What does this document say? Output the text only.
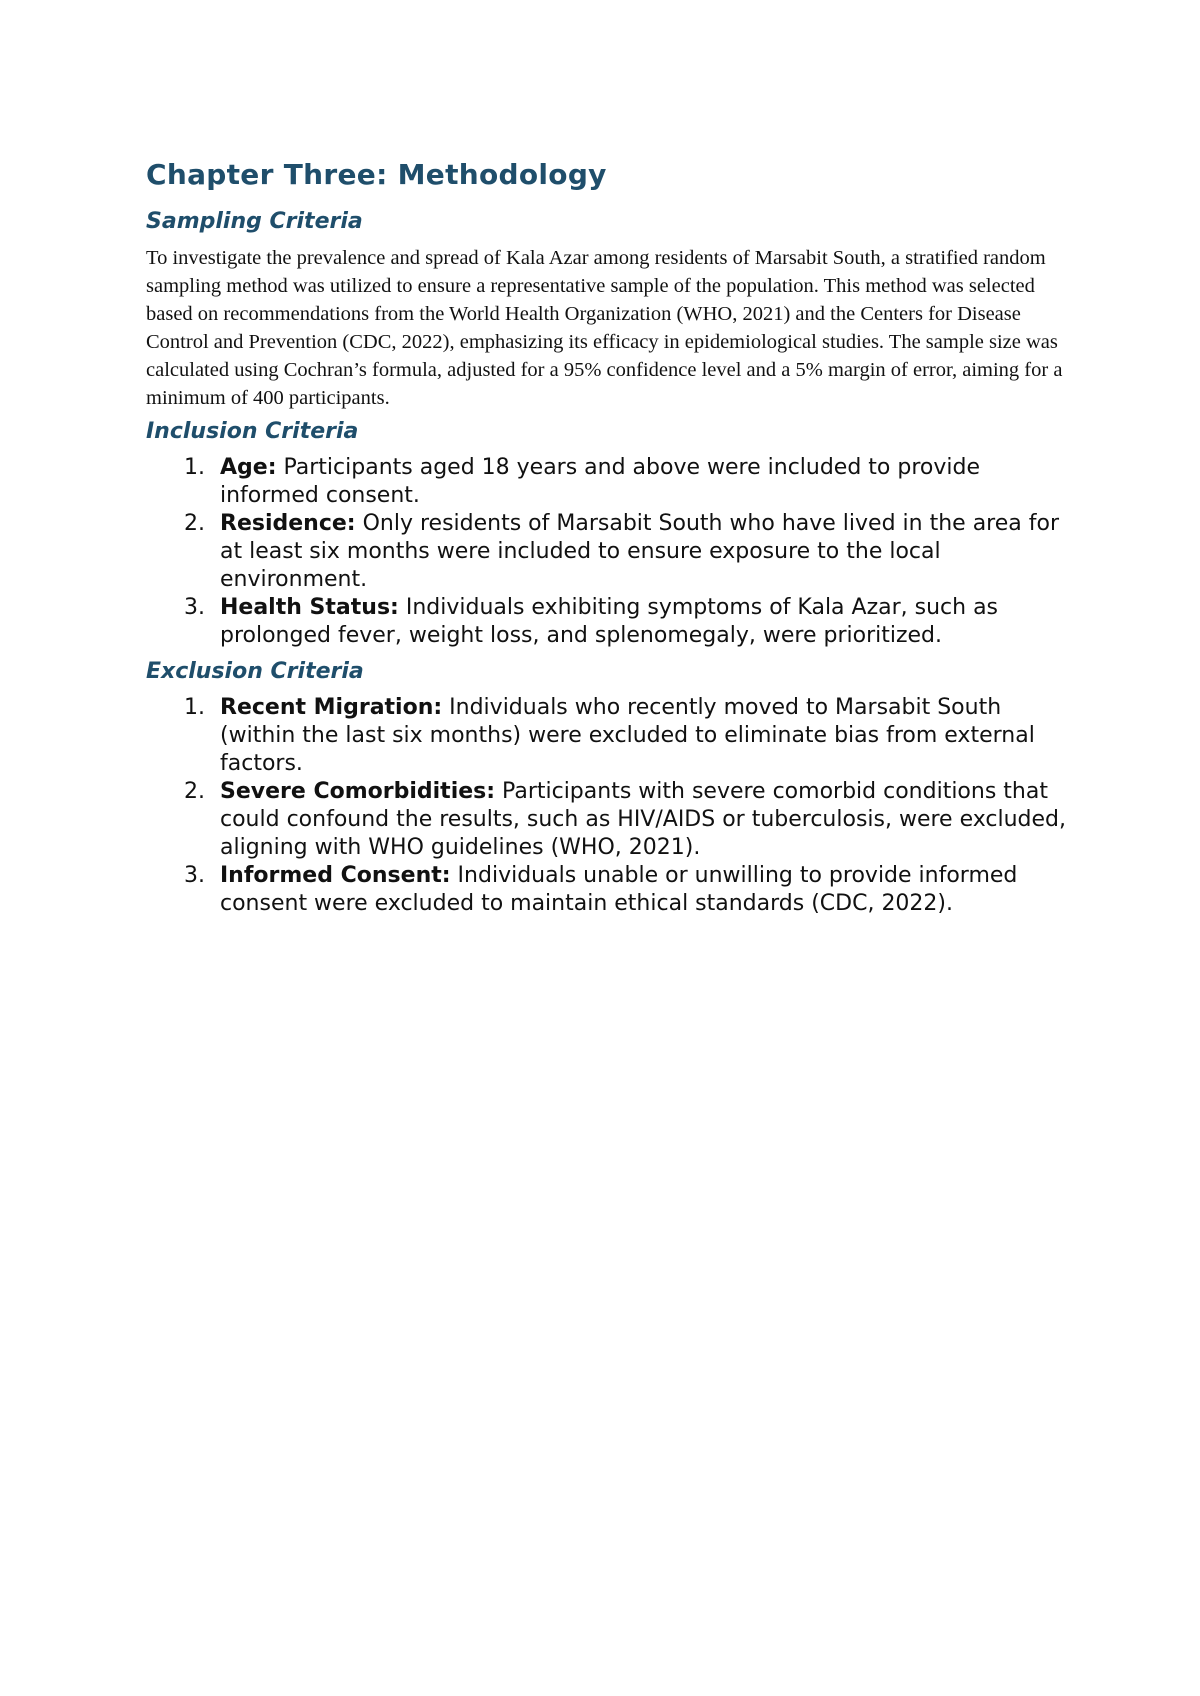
Chapter Three: Methodology
Sampling Criteria

To investigate the prevalence and spread of Kala Azar among residents of Marsabit South, a stratified random sampling method was utilized to ensure a representative sample of the population. This method was selected based on recommendations from the World Health Organization (WHO, 2021) and the Centers for Disease Control and Prevention (CDC, 2022), emphasizing its efficacy in epidemiological studies. The sample size was calculated using Cochran’s formula, adjusted for a 95% confidence level and a 5% margin of error, aiming for a minimum of 400 participants.

Inclusion Criteria
1. Age: Participants aged 18 years and above were included to provide informed consent.
2. Residence: Only residents of Marsabit South who have lived in the area for at least six months were included to ensure exposure to the local environment.
3. Health Status: Individuals exhibiting symptoms of Kala Azar, such as prolonged fever, weight loss, and splenomegaly, were prioritized.
Exclusion Criteria
1. Recent Migration: Individuals who recently moved to Marsabit South (within the last six months) were excluded to eliminate bias from external factors.
2. Severe Comorbidities: Participants with severe comorbid conditions that could confound the results, such as HIV/AIDS or tuberculosis, were excluded, aligning with WHO guidelines (WHO, 2021).
3. Informed Consent: Individuals unable or unwilling to provide informed consent were excluded to maintain ethical standards (CDC, 2022).
